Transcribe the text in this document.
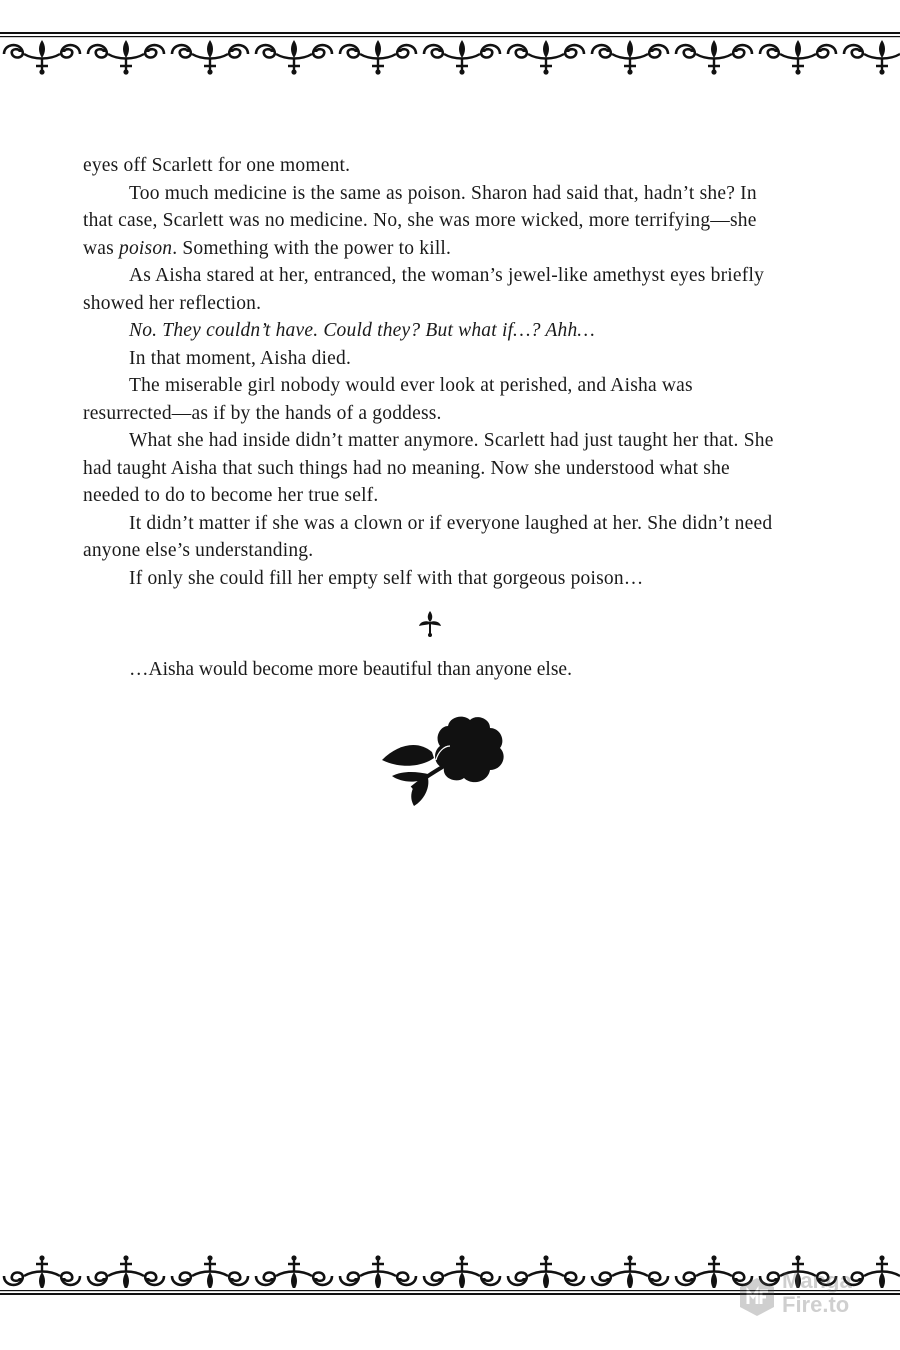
eyes off Scarlett for one moment.

Too much medicine is the same as poison. Sharon had said that, hadn’t she? In that case, Scarlett was no medicine. No, she was more wicked, more terrifying—she was poison. Something with the power to kill.

As Aisha stared at her, entranced, the woman’s jewel-like amethyst eyes briefly showed her reflection.

No. They couldn’t have. Could they? But what if…? Ahh…

In that moment, Aisha died.

The miserable girl nobody would ever look at perished, and Aisha was resurrected—as if by the hands of a goddess.

What she had inside didn’t matter anymore. Scarlett had just taught her that. She had taught Aisha that such things had no meaning. Now she understood what she needed to do to become her true self.

It didn’t matter if she was a clown or if everyone laughed at her. She didn’t need anyone else’s understanding.

If only she could fill her empty self with that gorgeous poison…

…Aisha would become more beautiful than anyone else.

Manga
Fire.to
